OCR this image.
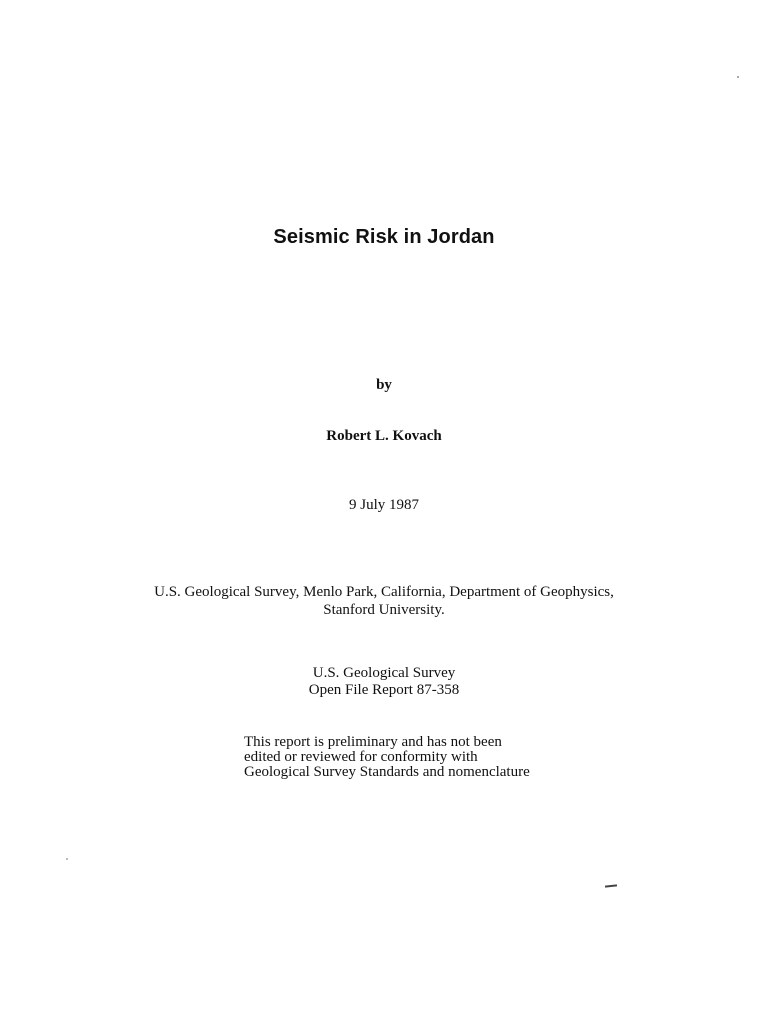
Seismic Risk in Jordan
by
Robert L. Kovach
9 July 1987
U.S. Geological Survey, Menlo Park, California, Department of Geophysics,
Stanford University.
U.S. Geological Survey
Open File Report 87-358
This report is preliminary and has not been
edited or reviewed for conformity with
Geological Survey Standards and nomenclature
